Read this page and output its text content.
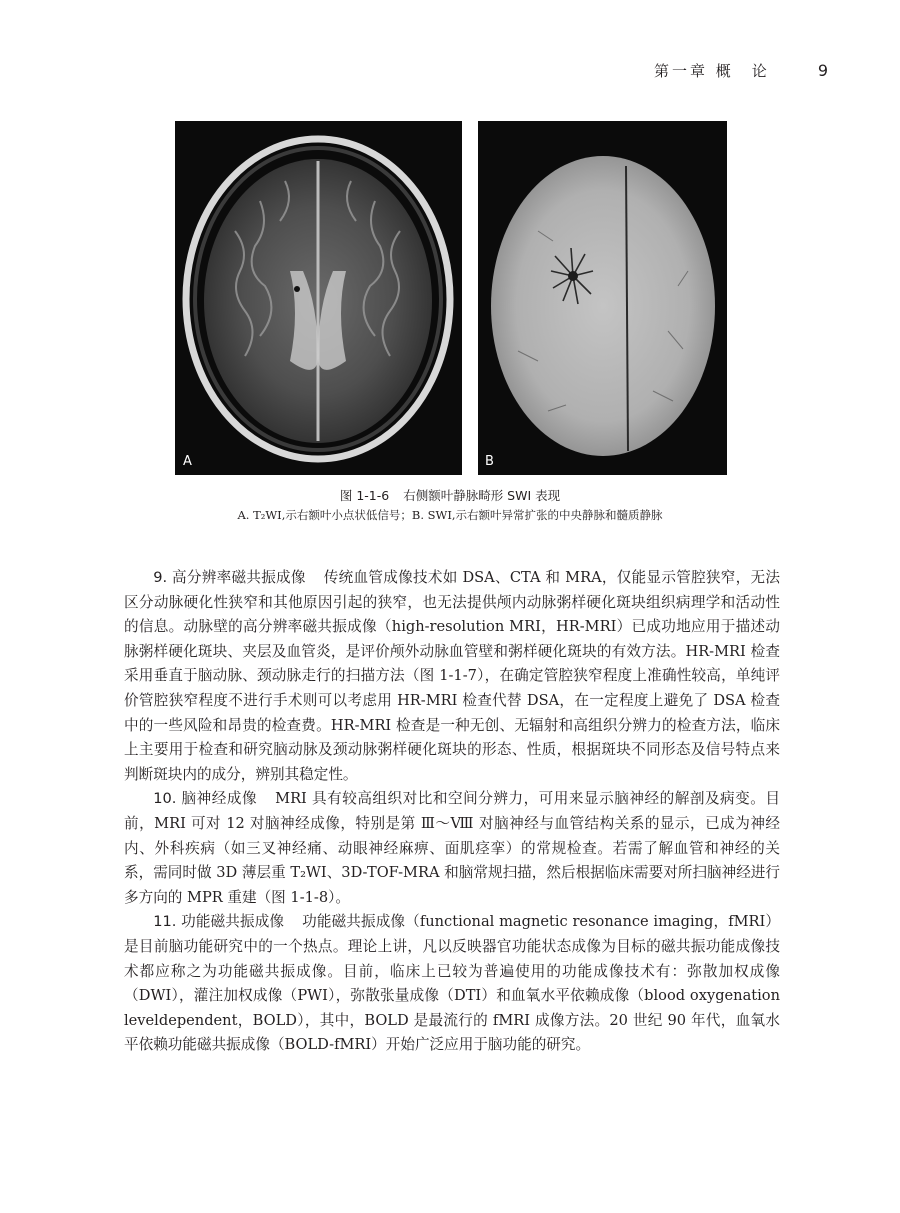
第一章 概　论	9
A	B
图 1-1-6 右侧额叶静脉畸形 SWI 表现
A. T₂WI,示右额叶小点状低信号；B. SWI,示右额叶异常扩张的中央静脉和髓质静脉

9. 高分辨率磁共振成像 传统血管成像技术如 DSA、CTA 和 MRA，仅能显示管腔狭窄，无法区分动脉硬化性狭窄和其他原因引起的狭窄，也无法提供颅内动脉粥样硬化斑块组织病理学和活动性的信息。动脉壁的高分辨率磁共振成像（high-resolution MRI，HR-MRI）已成功地应用于描述动脉粥样硬化斑块、夹层及血管炎，是评价颅外动脉血管壁和粥样硬化斑块的有效方法。HR-MRI 检查采用垂直于脑动脉、颈动脉走行的扫描方法（图 1-1-7），在确定管腔狭窄程度上准确性较高，单纯评价管腔狭窄程度不进行手术则可以考虑用 HR-MRI 检查代替 DSA，在一定程度上避免了 DSA 检查中的一些风险和昂贵的检查费。HR-MRI 检查是一种无创、无辐射和高组织分辨力的检查方法，临床上主要用于检查和研究脑动脉及颈动脉粥样硬化斑块的形态、性质，根据斑块不同形态及信号特点来判断斑块内的成分，辨别其稳定性。

10. 脑神经成像 MRI 具有较高组织对比和空间分辨力，可用来显示脑神经的解剖及病变。目前，MRI 可对 12 对脑神经成像，特别是第 Ⅲ～Ⅷ 对脑神经与血管结构关系的显示，已成为神经内、外科疾病（如三叉神经痛、动眼神经麻痹、面肌痉挛）的常规检查。若需了解血管和神经的关系，需同时做 3D 薄层重 T₂WI、3D-TOF-MRA 和脑常规扫描，然后根据临床需要对所扫脑神经进行多方向的 MPR 重建（图 1-1-8）。

11. 功能磁共振成像 功能磁共振成像（functional magnetic resonance imaging，fMRI）是目前脑功能研究中的一个热点。理论上讲，凡以反映器官功能状态成像为目标的磁共振功能成像技术都应称之为功能磁共振成像。目前，临床上已较为普遍使用的功能成像技术有：弥散加权成像（DWI），灌注加权成像（PWI），弥散张量成像（DTI）和血氧水平依赖成像（blood oxygenation leveldependent，BOLD），其中，BOLD 是最流行的 fMRI 成像方法。20 世纪 90 年代，血氧水平依赖功能磁共振成像（BOLD-fMRI）开始广泛应用于脑功能的研究。
